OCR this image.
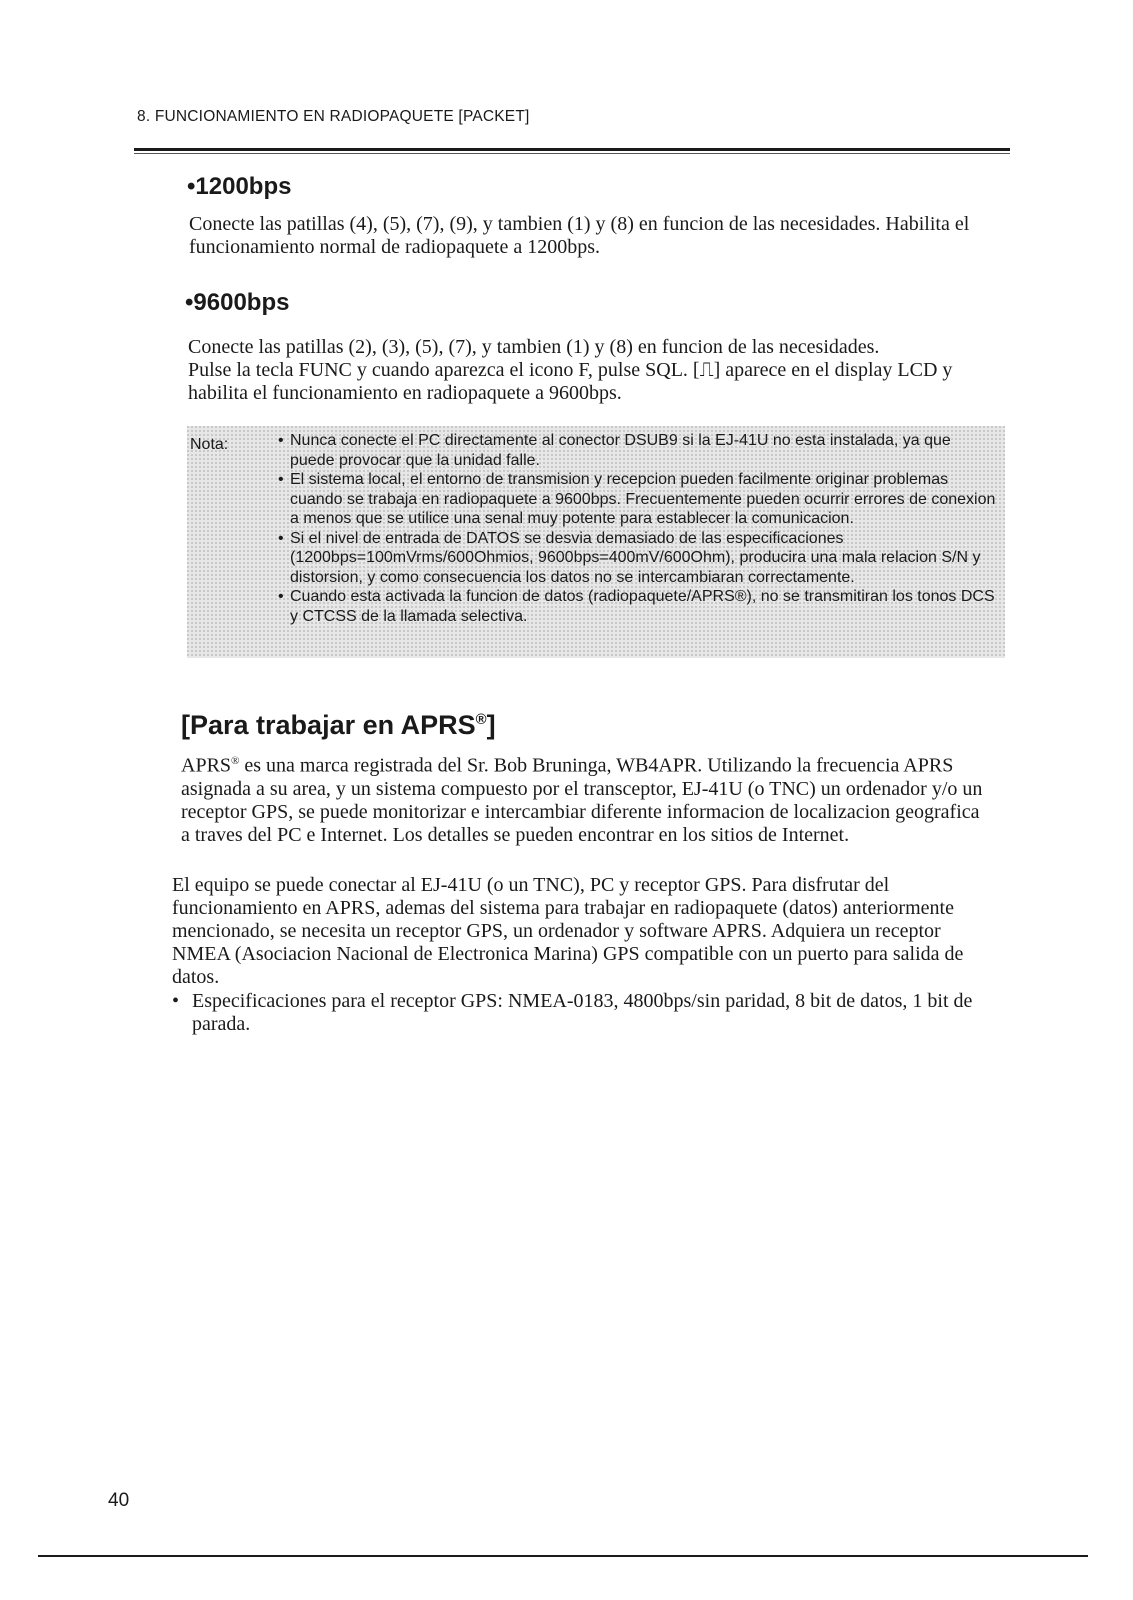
8. FUNCIONAMIENTO EN RADIOPAQUETE [PACKET]
•1200bps
Conecte las patillas (4), (5), (7), (9), y tambien (1) y (8) en funcion de las necesidades. Habilita el funcionamiento normal de radiopaquete a 1200bps.
•9600bps
Conecte las patillas (2), (3), (5), (7), y tambien (1) y (8) en funcion de las necesidades.
Pulse la tecla FUNC y cuando aparezca el icono F, pulse SQL. [⎍] aparece en el display LCD y habilita el funcionamiento en radiopaquete a 9600bps.
Nota:
•	Nunca conecte el PC directamente al conector DSUB9 si la EJ-41U no esta instalada, ya que puede provocar que la unidad falle.
• El sistema local, el entorno de transmision y recepcion pueden facilmente originar problemas cuando se trabaja en radiopaquete a 9600bps. Frecuentemente pueden ocurrir errores de conexion a menos que se utilice una senal muy potente para establecer la comunicacion.
• Si el nivel de entrada de DATOS se desvia demasiado de las especificaciones (1200bps=100mVrms/600Ohmios, 9600bps=400mV/600Ohm), producira una mala relacion S/N y distorsion, y como consecuencia los datos no se intercambiaran correctamente.
• Cuando esta activada la funcion de datos (radiopaquete/APRS®), no se transmitiran los tonos DCS y CTCSS de la llamada selectiva.
[Para trabajar en APRS®]
APRS® es una marca registrada del Sr. Bob Bruninga, WB4APR. Utilizando la frecuencia APRS asignada a su area, y un sistema compuesto por el transceptor, EJ-41U (o TNC) un ordenador y/o un receptor GPS, se puede monitorizar e intercambiar diferente informacion de localizacion geografica a traves del PC e Internet. Los detalles se pueden encontrar en los sitios de Internet.
El equipo se puede conectar al EJ-41U (o un TNC), PC y receptor GPS. Para disfrutar del funcionamiento en APRS, ademas del sistema para trabajar en radiopaquete (datos) anteriormente mencionado, se necesita un receptor GPS, un ordenador y software APRS. Adquiera un receptor NMEA (Asociacion Nacional de Electronica Marina) GPS compatible con un puerto para salida de datos.
• Especificaciones para el receptor GPS: NMEA-0183, 4800bps/sin paridad, 8 bit de datos, 1 bit de parada.
40
